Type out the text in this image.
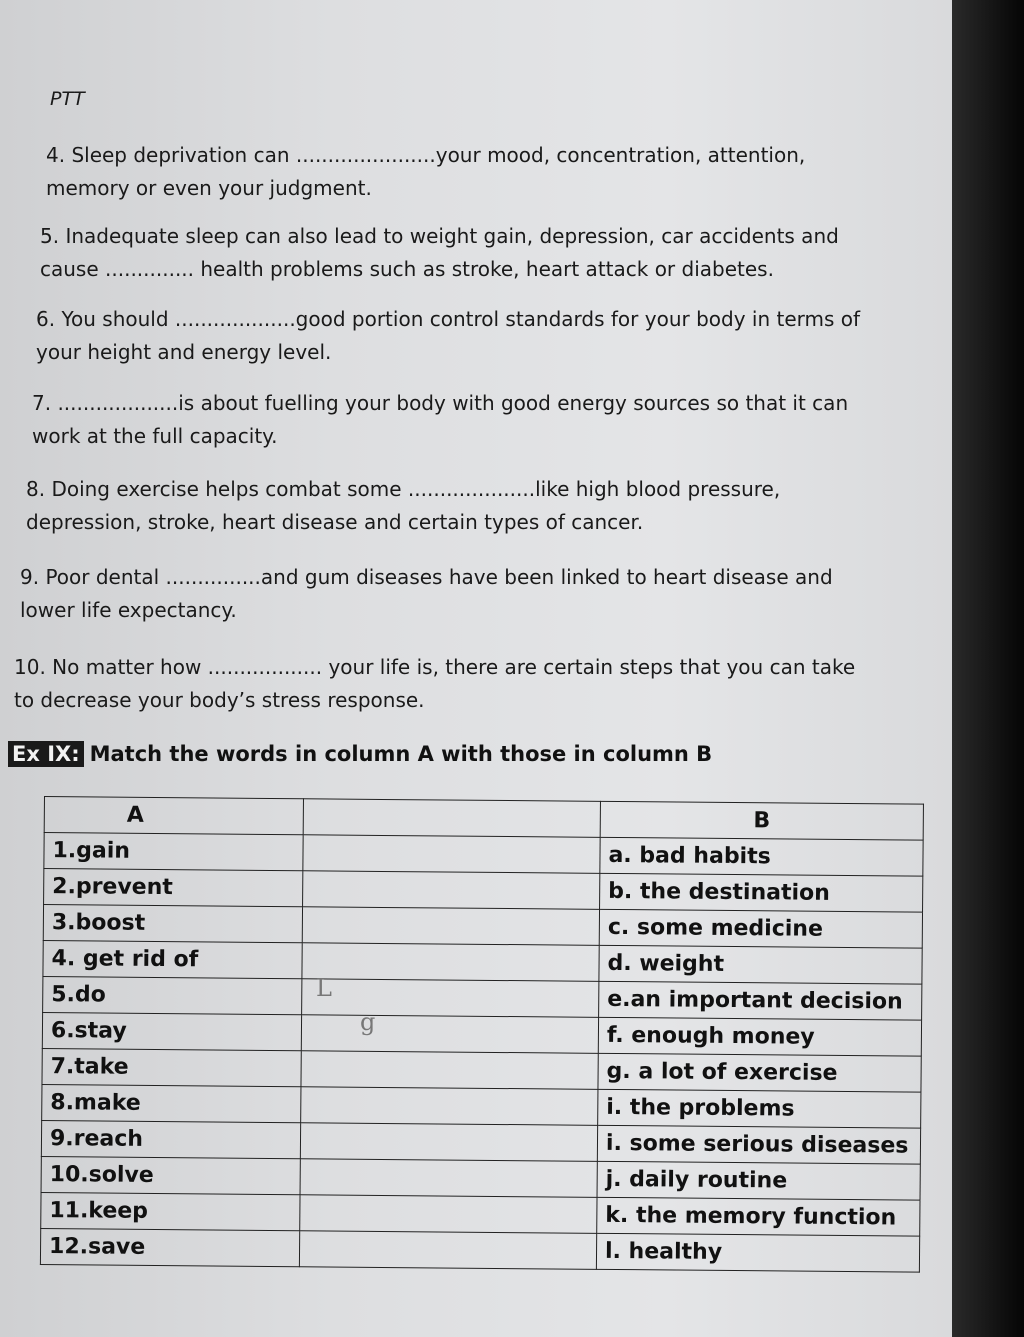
PTT
4. Sleep deprivation can ......................your mood, concentration, attention,
memory or even your judgment.
5. Inadequate sleep can also lead to weight gain, depression, car accidents and
cause .............. health problems such as stroke, heart attack or diabetes.
6. You should ...................good portion control standards for your body in terms of
your height and energy level.
7. ...................is about fuelling your body with good energy sources so that it can
work at the full capacity.
8. Doing exercise helps combat some ....................like high blood pressure,
depression, stroke, heart disease and certain types of cancer.
9. Poor dental ...............and gum diseases have been linked to heart disease and
lower life expectancy.
10. No matter how .................. your life is, there are certain steps that you can take
to decrease your body’s stress response.
Ex IX: Match the words in column A with those in column B
A		B
1.gain		a. bad habits
2.prevent		b. the destination
3.boost		c. some medicine
4. get rid of		d. weight
5.do		e.an important decision
6.stay		f. enough money
7.take		g. a lot of exercise
8.make		i. the problems
9.reach		i. some serious diseases
10.solve		j. daily routine
11.keep		k. the memory function
12.save		l. healthy
L
g
